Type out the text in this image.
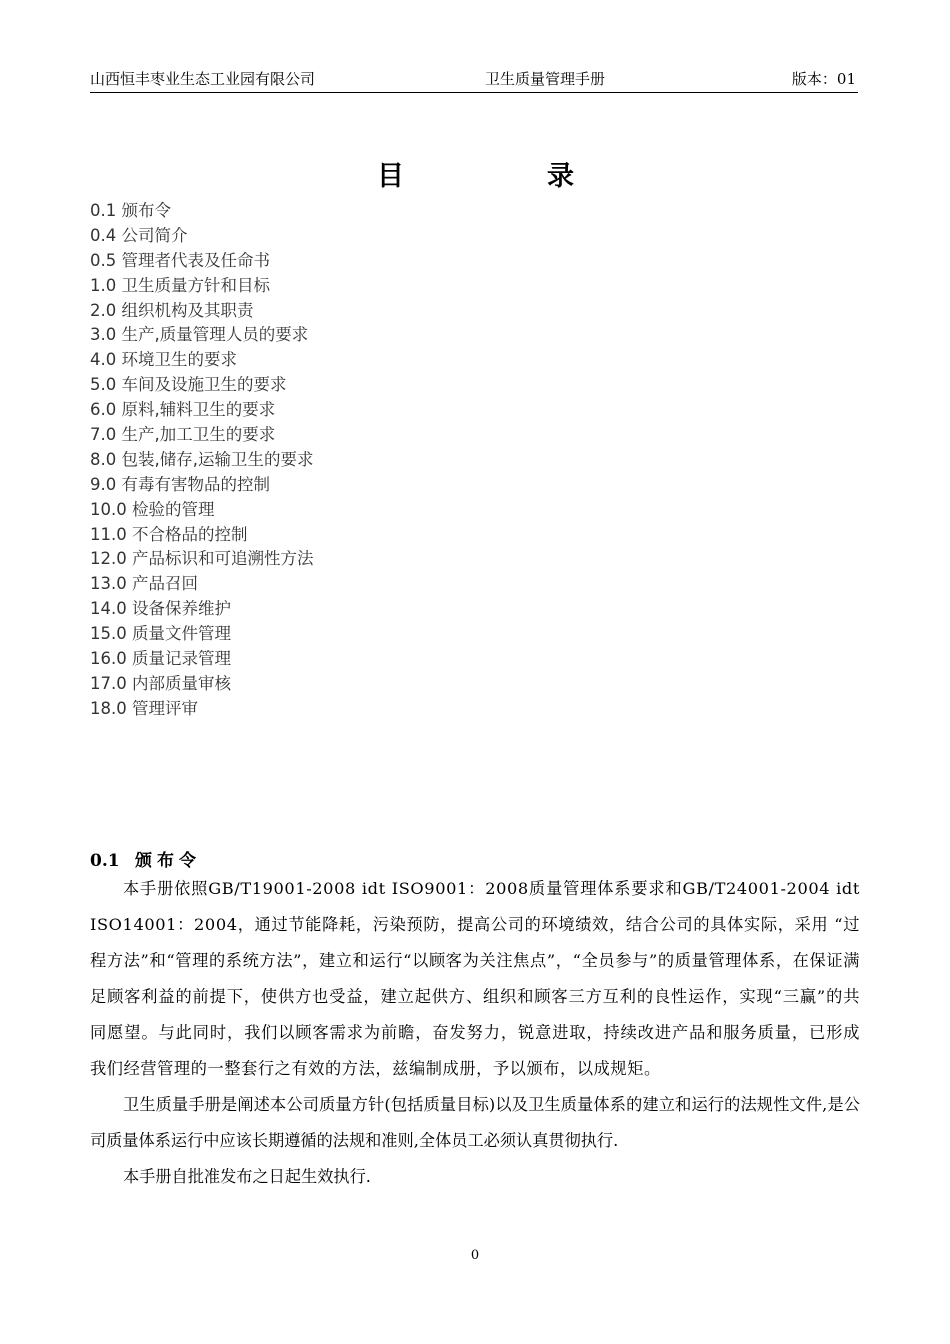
山西恒丰枣业生态工业园有限公司	卫生质量管理手册	版本：01
目	录
0.1 颁布令
0.4 公司简介
0.5 管理者代表及任命书
1.0 卫生质量方针和目标
2.0 组织机构及其职责
3.0 生产,质量管理人员的要求
4.0 环境卫生的要求
5.0 车间及设施卫生的要求
6.0 原料,辅料卫生的要求
7.0 生产,加工卫生的要求
8.0 包装,储存,运输卫生的要求
9.0 有毒有害物品的控制
10.0 检验的管理
11.0 不合格品的控制
12.0 产品标识和可追溯性方法
13.0 产品召回
14.0 设备保养维护
15.0 质量文件管理
16.0 质量记录管理
17.0 内部质量审核
18.0 管理评审
0.1 颁布令

本手册依照GB/T19001-2008 idt ISO9001：2008质量管理体系要求和GB/T24001-2004 idt ISO14001：2004，通过节能降耗，污染预防，提高公司的环境绩效，结合公司的具体实际，采用 “过程方法”和“管理的系统方法”，建立和运行“以顾客为关注焦点”，“全员参与”的质量管理体系，在保证满足顾客利益的前提下，使供方也受益，建立起供方、组织和顾客三方互利的良性运作，实现“三赢”的共同愿望。与此同时，我们以顾客需求为前瞻，奋发努力，锐意进取，持续改进产品和服务质量，已形成我们经营管理的一整套行之有效的方法，兹编制成册，予以颁布，以成规矩。

卫生质量手册是阐述本公司质量方针(包括质量目标)以及卫生质量体系的建立和运行的法规性文件,是公司质量体系运行中应该长期遵循的法规和准则,全体员工必须认真贯彻执行.

本手册自批准发布之日起生效执行.

0
